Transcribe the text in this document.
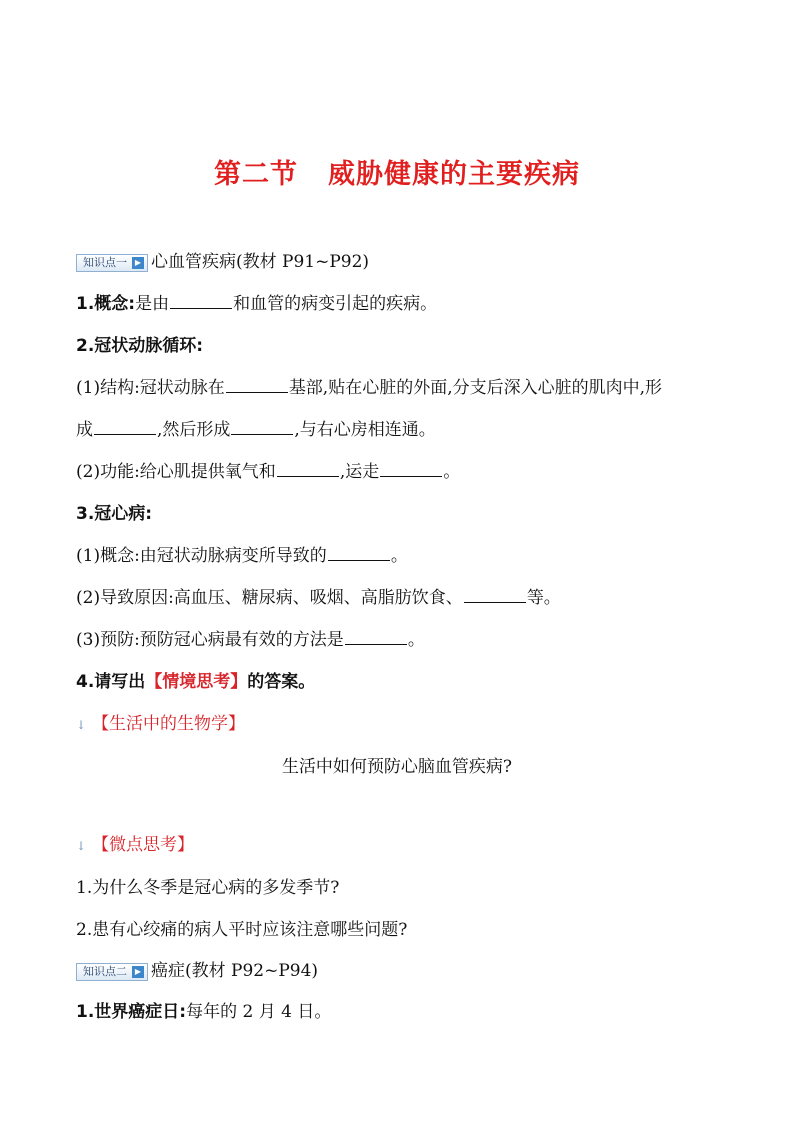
第二节 威胁健康的主要疾病
知识点一 ▶ 心血管疾病(教材 P91~P92)
1.概念:是由	和血管的病变引起的疾病。
2.冠状动脉循环:
(1)结构:冠状动脉在	基部,贴在心脏的外面,分支后深入心脏的肌肉中,形
成	,然后形成	,与右心房相连通。
(2)功能:给心肌提供氧气和	,运走	。
3.冠心病:
(1)概念:由冠状动脉病变所导致的	。
(2)导致原因:高血压、糖尿病、吸烟、高脂肪饮食、	等。
(3)预防:预防冠心病最有效的方法是	。
4.请写出【情境思考】的答案。
↓ 【生活中的生物学】
生活中如何预防心脑血管疾病?
↓ 【微点思考】
1.为什么冬季是冠心病的多发季节?
2.患有心绞痛的病人平时应该注意哪些问题?
知识点二 ▶ 癌症(教材 P92~P94)
1.世界癌症日:每年的 2 月 4 日。
